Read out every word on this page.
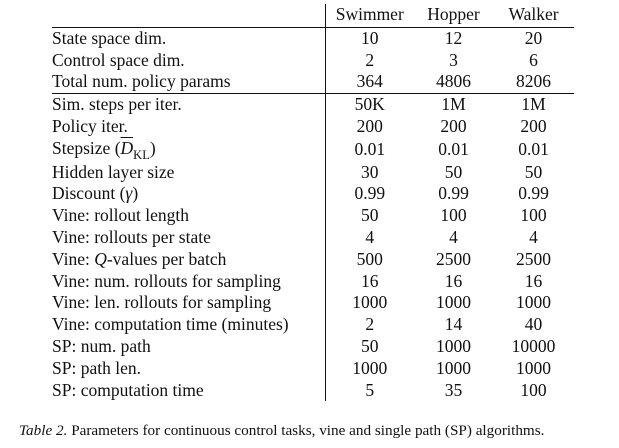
	Swimmer	Hopper	Walker
State space dim.	10	12	20
Control space dim.	2	3	6
Total num. policy params	364	4806	8206
Sim. steps per iter.	50K	1M	1M
Policy iter.	200	200	200
Stepsize $(\overline{D}_{KL})$	0.01	0.01	0.01
Hidden layer size	30	50	50
Discount (γ)	0.99	0.99	0.99
Vine: rollout length	50	100	100
Vine: rollouts per state	4	4	4
Vine: Q-values per batch	500	2500	2500
Vine: num. rollouts for sampling	16	16	16
Vine: len. rollouts for sampling	1000	1000	1000
Vine: computation time (minutes)	2	14	40
SP: num. path	50	1000	10000
SP: path len.	1000	1000	1000
SP: computation time	5	35	100
Table 2. Parameters for continuous control tasks, vine and single path (SP) algorithms.
